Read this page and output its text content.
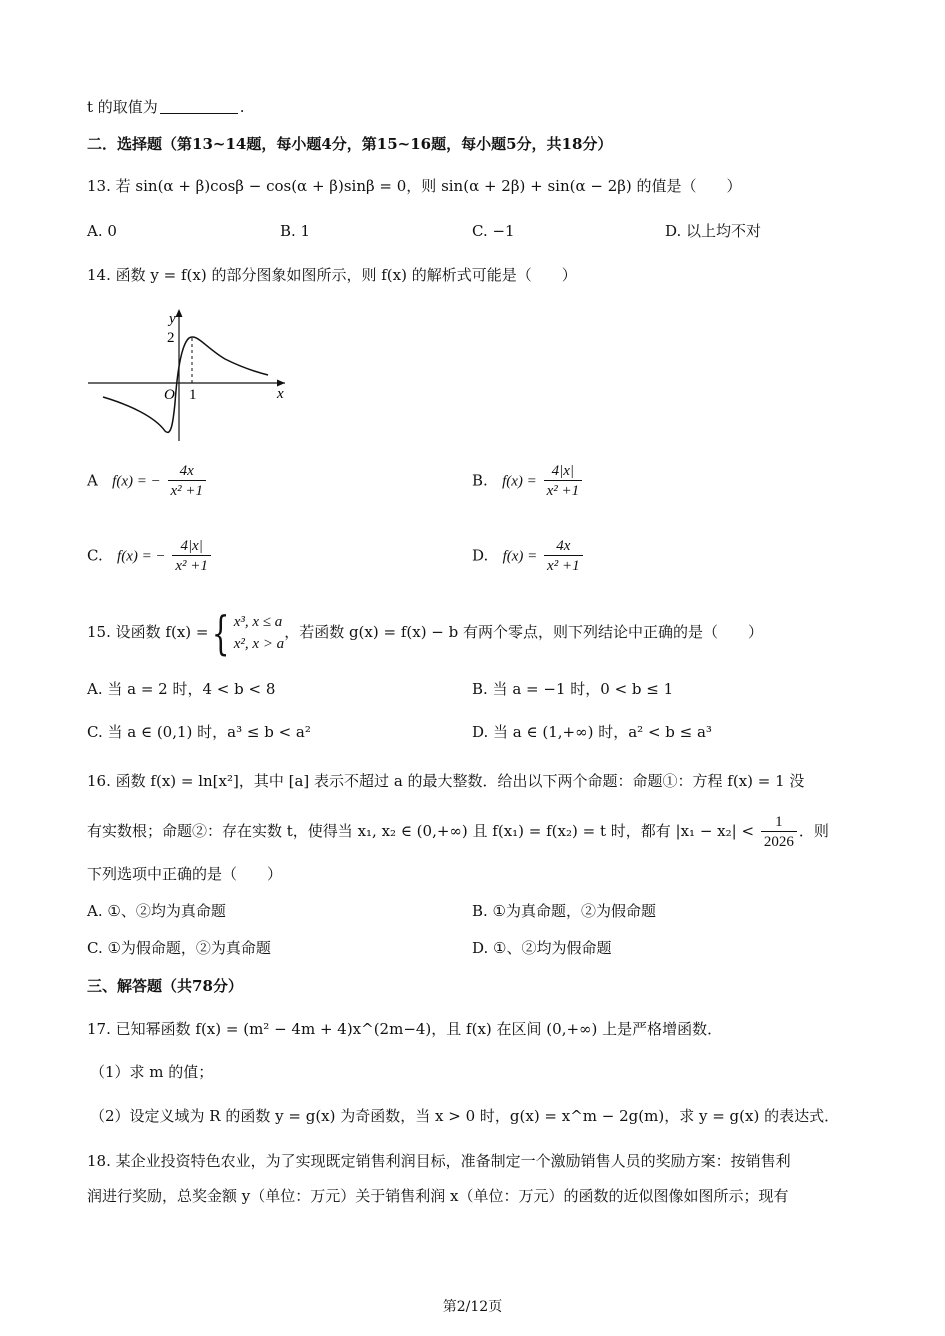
t 的取值为	.
二．选择题（第13~14题，每小题4分，第15~16题，每小题5分，共18分）
13. 若 sin(α + β)cosβ − cos(α + β)sinβ = 0，则 sin(α + 2β) + sin(α − 2β) 的值是（　　）
A. 0	B. 1	C. −1	D. 以上均不对
14. 函数 y = f(x) 的部分图象如图所示，则 f(x) 的解析式可能是（　　）
y
x
O
2
1
A f(x) = − $\frac{4x}{\text{x² +1}}$	B. $f(x) = \frac{4|x|}{\text{x² +1}}$
C. f(x) = − $\frac{4|x|}{\text{x² +1}}$	D. $f(x) = \frac{4x}{\text{x² +1}}$
15. 设函数 f(x) ={ x³, x ≤ a
x², x > a
，若函数 g(x) = f(x) − b 有两个零点，则下列结论中正确的是（　　）
A. 当 a = 2 时，4 < b < 8	B. 当 a = −1 时，0 < b ≤ 1
C. 当 a ∈ (0,1) 时，a³ ≤ b < a²	D. 当 a ∈ (1,+∞) 时，a² < b ≤ a³
16. 函数 f(x) = ln[x²]，其中 [a] 表示不超过 a 的最大整数．给出以下两个命题：命题①：方程 f(x) = 1 没
有实数根；命题②：存在实数 t，使得当 x₁, x₂ ∈ (0,+∞) 且 f(x₁) = f(x₂) = t 时，都有 $|x_1 - x_2| < \frac{1}{2026}$ ．则
下列选项中正确的是（　　）
A. ①、②均为真命题	B. ①为真命题，②为假命题
C. ①为假命题，②为真命题	D. ①、②均为假命题
三、解答题（共78分）
17. 已知幂函数 f(x) = (m² − 4m + 4)x^(2m−4)，且 f(x) 在区间 (0,+∞) 上是严格增函数．
（1）求 m 的值；
（2）设定义域为 R 的函数 y = g(x) 为奇函数，当 x > 0 时，g(x) = x^m − 2g(m)，求 y = g(x) 的表达式．
18. 某企业投资特色农业，为了实现既定销售利润目标，准备制定一个激励销售人员的奖励方案：按销售利
润进行奖励，总奖金额 y（单位：万元）关于销售利润 x（单位：万元）的函数的近似图像如图所示；现有
第2/12页
